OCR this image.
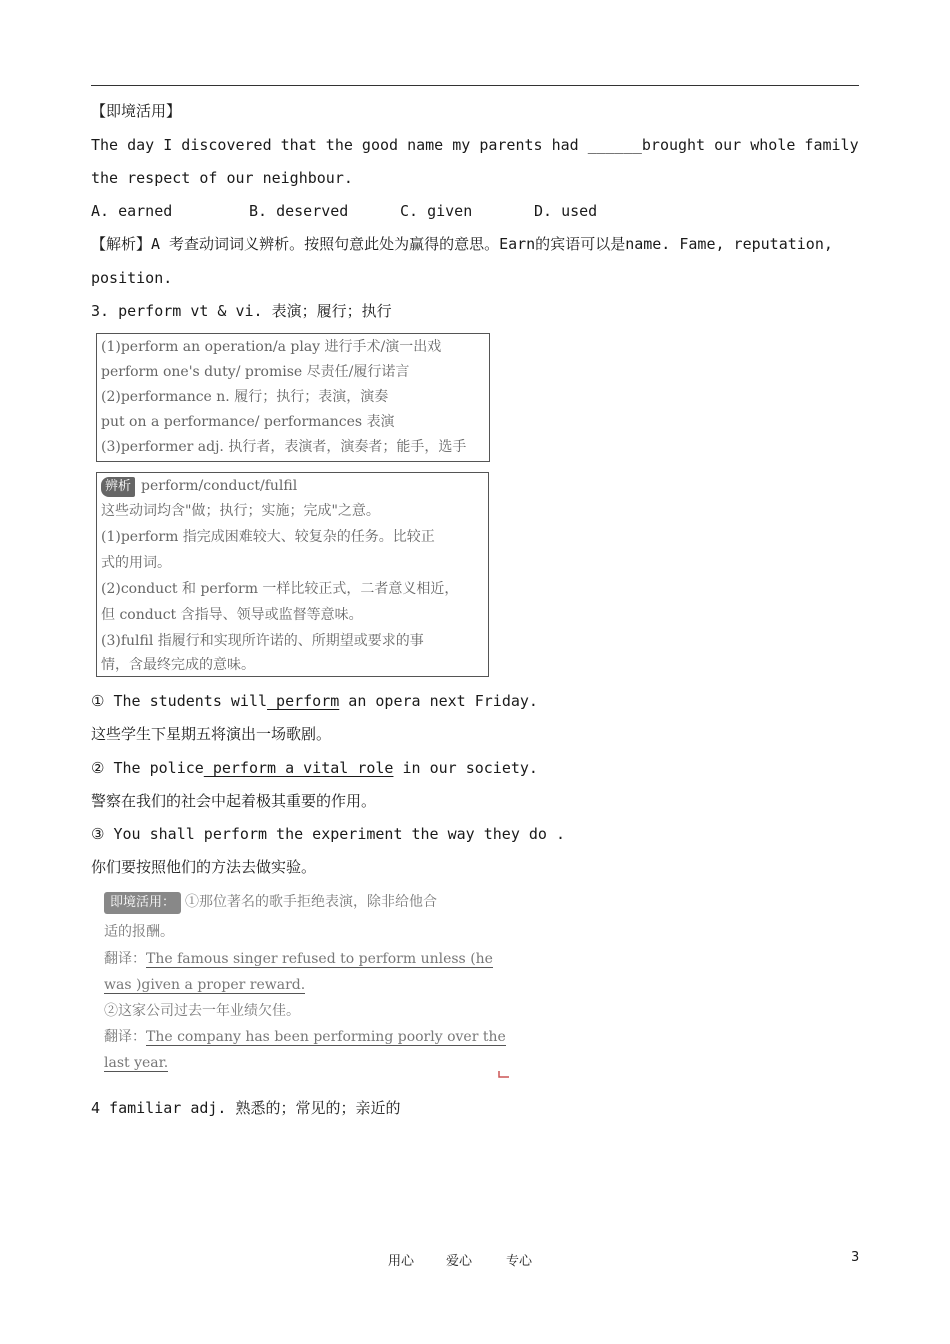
【即境活用】
The day I discovered that the good name my parents had ______brought our whole family
the respect of our neighbour.
A. earned	B. deserved	C. given	D. used
【解析】A 考查动词词义辨析。按照句意此处为赢得的意思。Earn的宾语可以是name. Fame, reputation,
position.
3. perform vt & vi. 表演；履行；执行
(1)perform an operation/a play 进行手术/演一出戏
perform one's duty/ promise 尽责任/履行诺言
(2)performance n. 履行；执行；表演，演奏
put on a performance/ performances 表演
(3)performer adj. 执行者，表演者，演奏者；能手，选手
辨析 perform/conduct/fulfil
这些动词均含"做；执行；实施；完成"之意。
(1)perform 指完成困难较大、较复杂的任务。比较正
式的用词。
(2)conduct 和 perform 一样比较正式，二者意义相近，
但 conduct 含指导、领导或监督等意味。
(3)fulfil 指履行和实现所许诺的、所期望或要求的事
情，含最终完成的意味。
① The students will perform an opera next Friday.
这些学生下星期五将演出一场歌剧。
② The police perform a vital role in our society.
警察在我们的社会中起着极其重要的作用。
③ You shall perform the experiment the way they do .
你们要按照他们的方法去做实验。
即境活用： ①那位著名的歌手拒绝表演，除非给他合
适的报酬。
翻译：The famous singer refused to perform unless (he
was )given a proper reward.
②这家公司过去一年业绩欠佳。
翻译：The company has been performing poorly over the
last year.
4 familiar adj. 熟悉的；常见的；亲近的
用心 爱心	专心	3
